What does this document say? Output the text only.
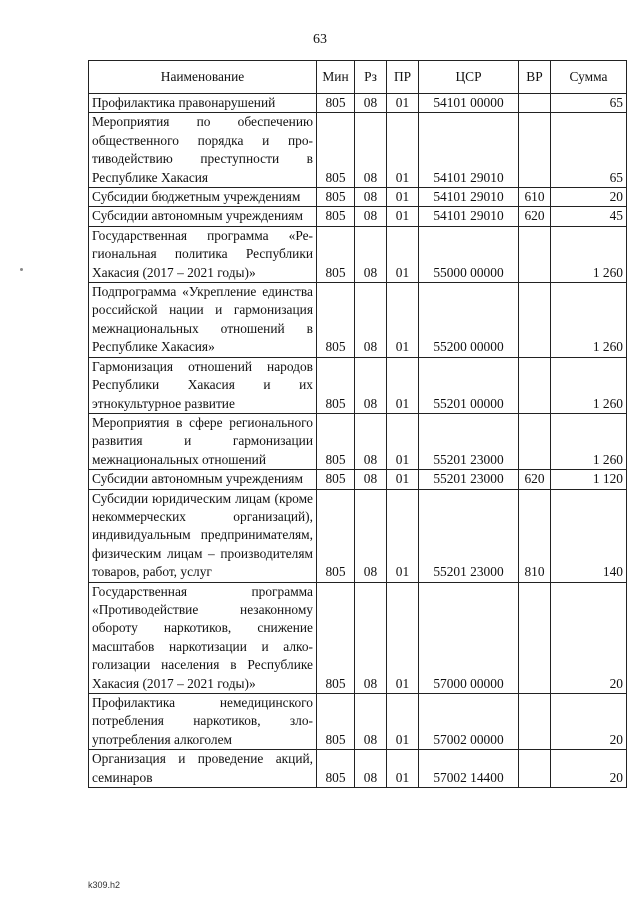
63
Наименование	Мин	Рз	ПР	ЦСР	ВР	Сумма
Профилактика правонарушений	805	08	01	54101 00000		65
Мероприятия по обеспечению общественного порядка и противодействию преступности в Республике Хакасия	805	08	01	54101 29010		65
Субсидии бюджетным учреждениям	805	08	01	54101 29010	610	20
Субсидии автономным учреждениям	805	08	01	54101 29010	620	45
Государственная программа «Региональная политика Республики Хакасия (2017 – 2021 годы)»	805	08	01	55000 00000		1 260
Подпрограмма «Укрепление единства российской нации и гармонизация межнациональных отношений в Республике Хакасия»	805	08	01	55200 00000		1 260
Гармонизация отношений народов Республики Хакасия и их этнокультурное развитие	805	08	01	55201 00000		1 260
Мероприятия в сфере регионального развития и гармонизации межнациональных отношений	805	08	01	55201 23000		1 260
Субсидии автономным учреждениям	805	08	01	55201 23000	620	1 120
Субсидии юридическим лицам (кроме некоммерческих организаций), индивидуальным предпринимателям, физическим лицам – производителям товаров, работ, услуг	805	08	01	55201 23000	810	140
Государственная программа «Противодействие незаконному обороту наркотиков, снижение масштабов наркотизации и алкоголизации населения в Республике Хакасия (2017 – 2021 годы)»	805	08	01	57000 00000		20
Профилактика немедицинского потребления наркотиков, злоупотребления алкоголем	805	08	01	57002 00000		20
Организация и проведение акций, семинаров	805	08	01	57002 14400		20
k309.h2
